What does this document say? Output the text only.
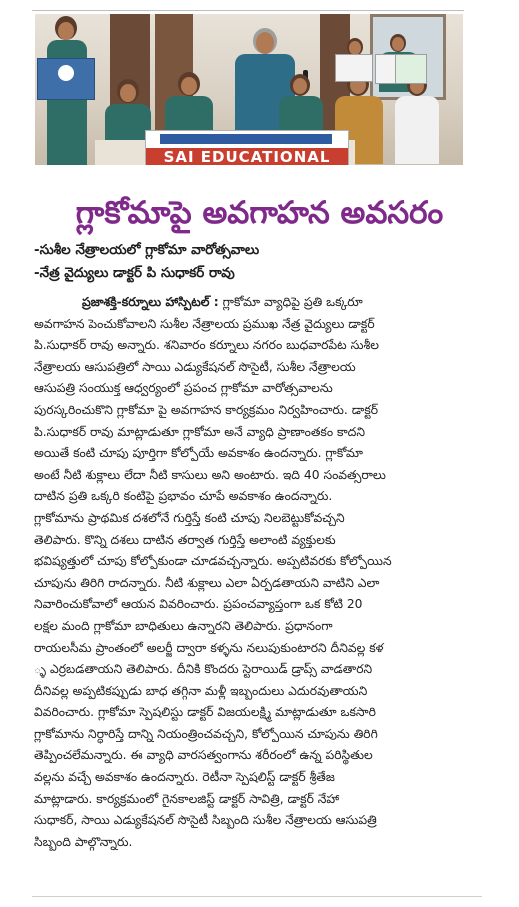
SAI EDUCATIONAL
గ్లాకోమాపై అవగాహన అవసరం
-సుశీల నేత్రాలయలో గ్లాకోమా వారోత్సవాలు
-నేత్ర వైద్యులు డాక్టర్ పి సుధాకర్ రావు
ప్రజాశక్తి-కర్నూలు హాస్పిటల్ : గ్లాకోమా వ్యాధిపై ప్రతి ఒక్కరూ
అవగాహన పెంచుకోవాలని సుశీల నేత్రాలయ ప్రముఖ నేత్ర వైద్యులు డాక్టర్
పి.సుధాకర్ రావు అన్నారు. శనివారం కర్నూలు నగరం బుధవారపేట సుశీల
నేత్రాలయ ఆసుపత్రిలో సాయి ఎడ్యుకేషనల్ సొసైటీ, సుశీల నేత్రాలయ
ఆసుపత్రి సంయుక్త ఆధ్వర్యంలో ప్రపంచ గ్లాకోమా వారోత్సవాలను
పురస్కరించుకొని గ్లాకోమా పై అవగాహన కార్యక్రమం నిర్వహించారు. డాక్టర్
పి.సుధాకర్ రావు మాట్లాడుతూ గ్లాకోమా అనే వ్యాధి ప్రాణాంతకం కాదని
అయితే కంటి చూపు పూర్తిగా కోల్పోయే అవకాశం ఉందన్నారు. గ్లాకోమా
అంటే నీటి శుక్లాలు లేదా నీటి కాసులు అని అంటారు. ఇది 40 సంవత్సరాలు
దాటిన ప్రతి ఒక్కరి కంటిపై ప్రభావం చూపే అవకాశం ఉందన్నారు.
గ్లాకోమాను ప్రాథమిక దశలోనే గుర్తిస్తే కంటి చూపు నిలబెట్టుకోవచ్చని
తెలిపారు. కొన్ని దశలు దాటిన తర్వాత గుర్తిస్తే అలాంటి వ్యక్తులకు
భవిష్యత్తులో చూపు కోల్పోకుండా చూడవచ్చన్నారు. అప్పటివరకు కోల్పోయిన
చూపును తిరిగి రాదన్నారు. నీటి శుక్లాలు ఎలా ఏర్పడతాయని వాటిని ఎలా
నివారించుకోవాలో ఆయన వివరించారు. ప్రపంచవ్యాప్తంగా ఒక కోటి 20
లక్షల మంది గ్లాకోమా బాధితులు ఉన్నారని తెలిపారు. ప్రధానంగా
రాయలసీమ ప్రాంతంలో అలర్జీ ద్వారా కళ్ళను నలుపుకుంటారని దీనివల్ల కళ
్ళ ఎర్రబడతాయని తెలిపారు. దీనికి కొందరు స్టెరాయిడ్ డ్రాప్స్ వాడతారని
దీనివల్ల అప్పటికప్పుడు బాధ తగ్గినా మళ్లీ ఇబ్బందులు ఎదురవుతాయని
వివరించారు. గ్లాకోమా స్పెషలిస్టు డాక్టర్ విజయలక్ష్మి మాట్లాడుతూ ఒకసారి
గ్లాకోమాను నిర్ధారిస్తే దాన్ని నియంత్రించవచ్చని, కోల్పోయిన చూపును తిరిగి
తెప్పించలేమన్నారు. ఈ వ్యాధి వారసత్వంగాను శరీరంలో ఉన్న పరిస్థితుల
వల్లను వచ్చే అవకాశం ఉందన్నారు. రెటీనా స్పెషలిస్ట్ డాక్టర్ శ్రీతేజ
మాట్లాడారు. కార్యక్రమంలో గైనకాలజిస్ట్ డాక్టర్ సావిత్రి, డాక్టర్ నేహా
సుధాకర్, సాయి ఎడ్యుకేషనల్ సొసైటీ సిబ్బంది సుశీల నేత్రాలయ ఆసుపత్రి
సిబ్బంది పాల్గొన్నారు.
